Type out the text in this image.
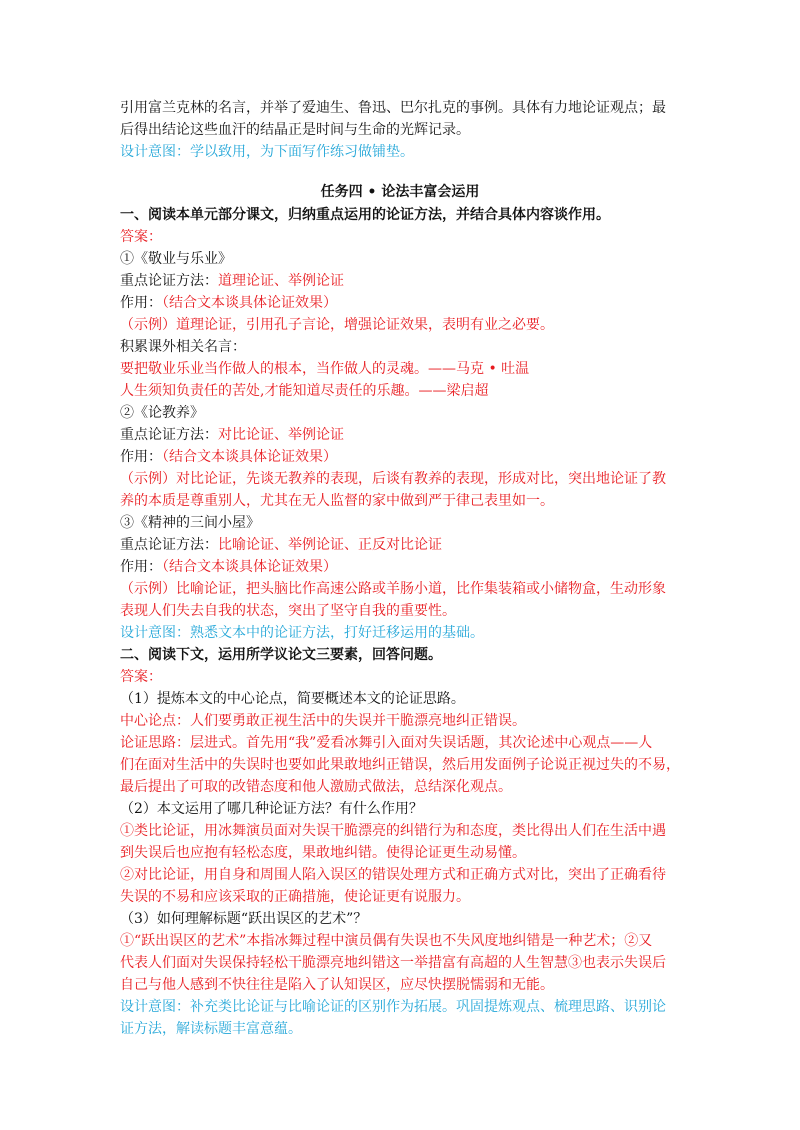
引用富兰克林的名言，并举了爱迪生、鲁迅、巴尔扎克的事例。具体有力地论证观点；最
后得出结论这些血汗的结晶正是时间与生命的光辉记录。
设计意图：学以致用，为下面写作练习做铺垫。
任务四 • 论法丰富会运用
一、阅读本单元部分课文，归纳重点运用的论证方法，并结合具体内容谈作用。
答案：
①《敬业与乐业》
重点论证方法：道理论证、举例论证
作用：（结合文本谈具体论证效果）
（示例）道理论证，引用孔子言论，增强论证效果，表明有业之必要。
积累课外相关名言：
要把敬业乐业当作做人的根本，当作做人的灵魂。——马克 • 吐温
人生须知负责任的苦处,才能知道尽责任的乐趣。——梁启超
②《论教养》
重点论证方法：对比论证、举例论证
作用：（结合文本谈具体论证效果）
（示例）对比论证，先谈无教养的表现，后谈有教养的表现，形成对比，突出地论证了教
养的本质是尊重别人，尤其在无人监督的家中做到严于律己表里如一。
③《精神的三间小屋》
重点论证方法：比喻论证、举例论证、正反对比论证
作用：（结合文本谈具体论证效果）
（示例）比喻论证，把头脑比作高速公路或羊肠小道，比作集装箱或小储物盒，生动形象
表现人们失去自我的状态，突出了坚守自我的重要性。
设计意图：熟悉文本中的论证方法，打好迁移运用的基础。
二、阅读下文，运用所学议论文三要素，回答问题。
答案：
（1）提炼本文的中心论点，简要概述本文的论证思路。
中心论点：人们要勇敢正视生活中的失误并干脆漂亮地纠正错误。
论证思路：层进式。首先用“我”爱看冰舞引入面对失误话题，其次论述中心观点——人
们在面对生活中的失误时也要如此果敢地纠正错误，然后用发面例子论说正视过失的不易，
最后提出了可取的改错态度和他人激励式做法，总结深化观点。
（2）本文运用了哪几种论证方法？有什么作用？
①类比论证，用冰舞演员面对失误干脆漂亮的纠错行为和态度，类比得出人们在生活中遇
到失误后也应抱有轻松态度，果敢地纠错。使得论证更生动易懂。
②对比论证，用自身和周围人陷入误区的错误处理方式和正确方式对比，突出了正确看待
失误的不易和应该采取的正确措施，使论证更有说服力。
（3）如何理解标题“跃出误区的艺术”？
①“跃出误区的艺术”本指冰舞过程中演员偶有失误也不失风度地纠错是一种艺术；②又
代表人们面对失误保持轻松干脆漂亮地纠错这一举措富有高超的人生智慧③也表示失误后
自己与他人感到不快往往是陷入了认知误区，应尽快摆脱懦弱和无能。
设计意图：补充类比论证与比喻论证的区别作为拓展。巩固提炼观点、梳理思路、识别论
证方法，解读标题丰富意蕴。
